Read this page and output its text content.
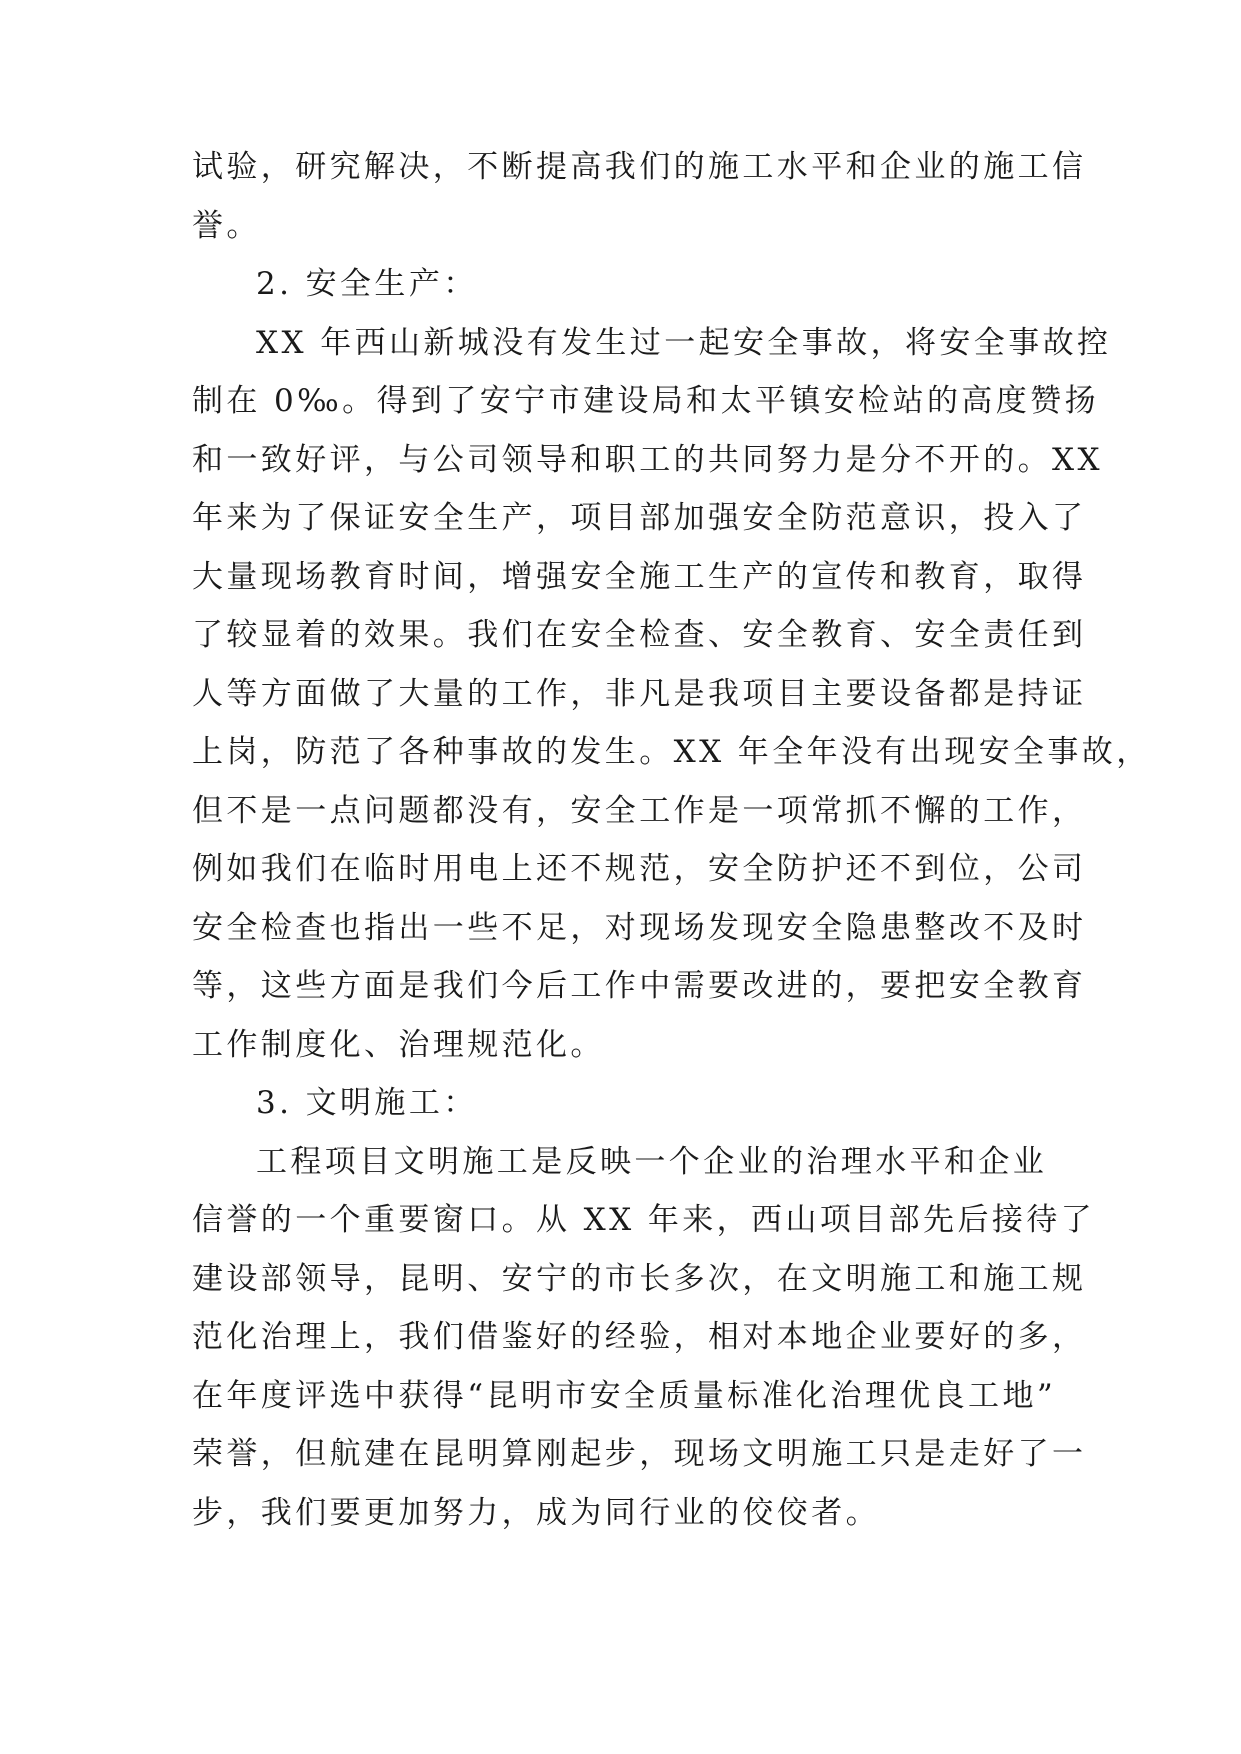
试验，研究解决，不断提高我们的施工水平和企业的施工信
誉。
2. 安全生产：
XX 年西山新城没有发生过一起安全事故，将安全事故控
制在 0‰。得到了安宁市建设局和太平镇安检站的高度赞扬
和一致好评，与公司领导和职工的共同努力是分不开的。XX
年来为了保证安全生产，项目部加强安全防范意识，投入了
大量现场教育时间，增强安全施工生产的宣传和教育，取得
了较显着的效果。我们在安全检查、安全教育、安全责任到
人等方面做了大量的工作，非凡是我项目主要设备都是持证
上岗，防范了各种事故的发生。XX 年全年没有出现安全事故，
但不是一点问题都没有，安全工作是一项常抓不懈的工作，
例如我们在临时用电上还不规范，安全防护还不到位，公司
安全检查也指出一些不足，对现场发现安全隐患整改不及时
等，这些方面是我们今后工作中需要改进的，要把安全教育
工作制度化、治理规范化。
3. 文明施工：
工程项目文明施工是反映一个企业的治理水平和企业
信誉的一个重要窗口。从 XX 年来，西山项目部先后接待了
建设部领导，昆明、安宁的市长多次，在文明施工和施工规
范化治理上，我们借鉴好的经验，相对本地企业要好的多，
在年度评选中获得“昆明市安全质量标准化治理优良工地”
荣誉，但航建在昆明算刚起步，现场文明施工只是走好了一
步，我们要更加努力，成为同行业的佼佼者。
